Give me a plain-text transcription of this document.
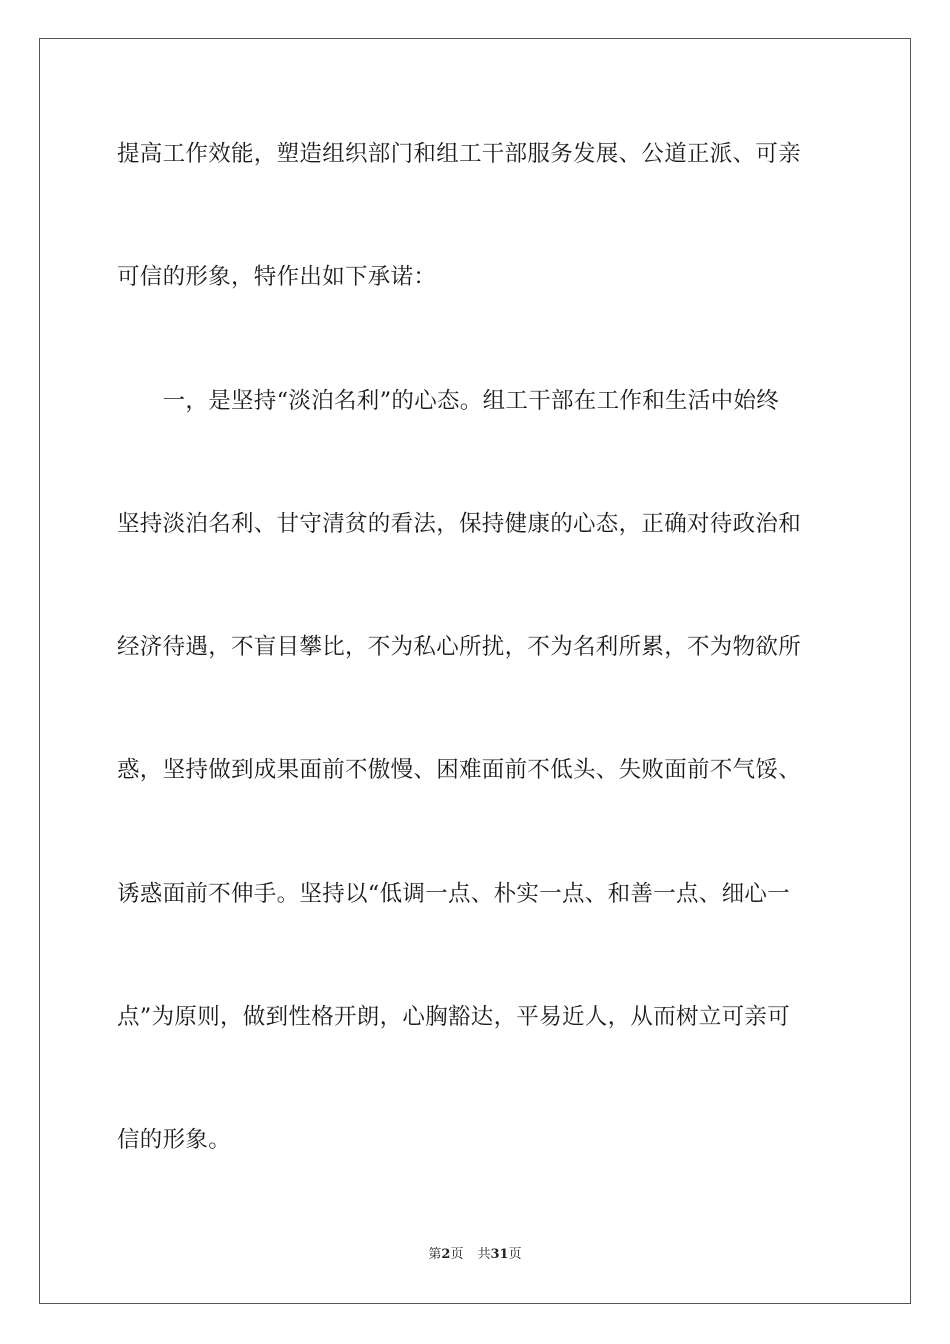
提高工作效能，塑造组织部门和组工干部服务发展、公道正派、可亲
可信的形象，特作出如下承诺：
　　一，是坚持“淡泊名利”的心态。组工干部在工作和生活中始终
坚持淡泊名利、甘守清贫的看法，保持健康的心态，正确对待政治和
经济待遇，不盲目攀比，不为私心所扰，不为名利所累，不为物欲所
惑，坚持做到成果面前不傲慢、困难面前不低头、失败面前不气馁、
诱惑面前不伸手。坚持以“低调一点、朴实一点、和善一点、细心一
点”为原则，做到性格开朗，心胸豁达，平易近人，从而树立可亲可
信的形象。
第2页 共31页
